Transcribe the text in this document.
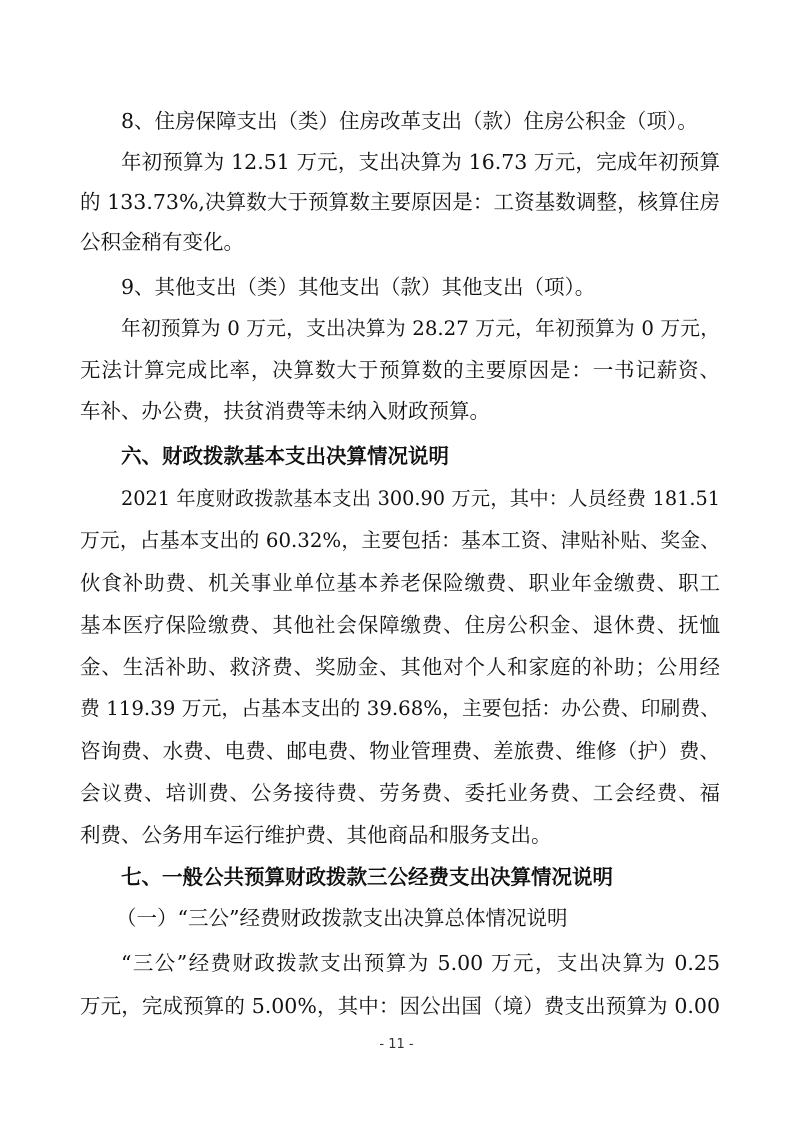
8、住房保障支出（类）住房改革支出（款）住房公积金（项）。
年初预算为 12.51 万元，支出决算为 16.73 万元，完成年初预算
的 133.73%,决算数大于预算数主要原因是：工资基数调整，核算住房
公积金稍有变化。
9、其他支出（类）其他支出（款）其他支出（项）。
年初预算为 0 万元，支出决算为 28.27 万元，年初预算为 0 万元，
无法计算完成比率，决算数大于预算数的主要原因是：一书记薪资、
车补、办公费，扶贫消费等未纳入财政预算。
六、财政拨款基本支出决算情况说明
2021 年度财政拨款基本支出 300.90 万元，其中：人员经费 181.51
万元，占基本支出的 60.32%，主要包括：基本工资、津贴补贴、奖金、
伙食补助费、机关事业单位基本养老保险缴费、职业年金缴费、职工
基本医疗保险缴费、其他社会保障缴费、住房公积金、退休费、抚恤
金、生活补助、救济费、奖励金、其他对个人和家庭的补助；公用经
费 119.39 万元，占基本支出的 39.68%，主要包括：办公费、印刷费、
咨询费、水费、电费、邮电费、物业管理费、差旅费、维修（护）费、
会议费、培训费、公务接待费、劳务费、委托业务费、工会经费、福
利费、公务用车运行维护费、其他商品和服务支出。
七、一般公共预算财政拨款三公经费支出决算情况说明
（一）“三公”经费财政拨款支出决算总体情况说明
“三公”经费财政拨款支出预算为 5.00 万元，支出决算为 0.25
万元，完成预算的 5.00%，其中：因公出国（境）费支出预算为 0.00
- 11 -
